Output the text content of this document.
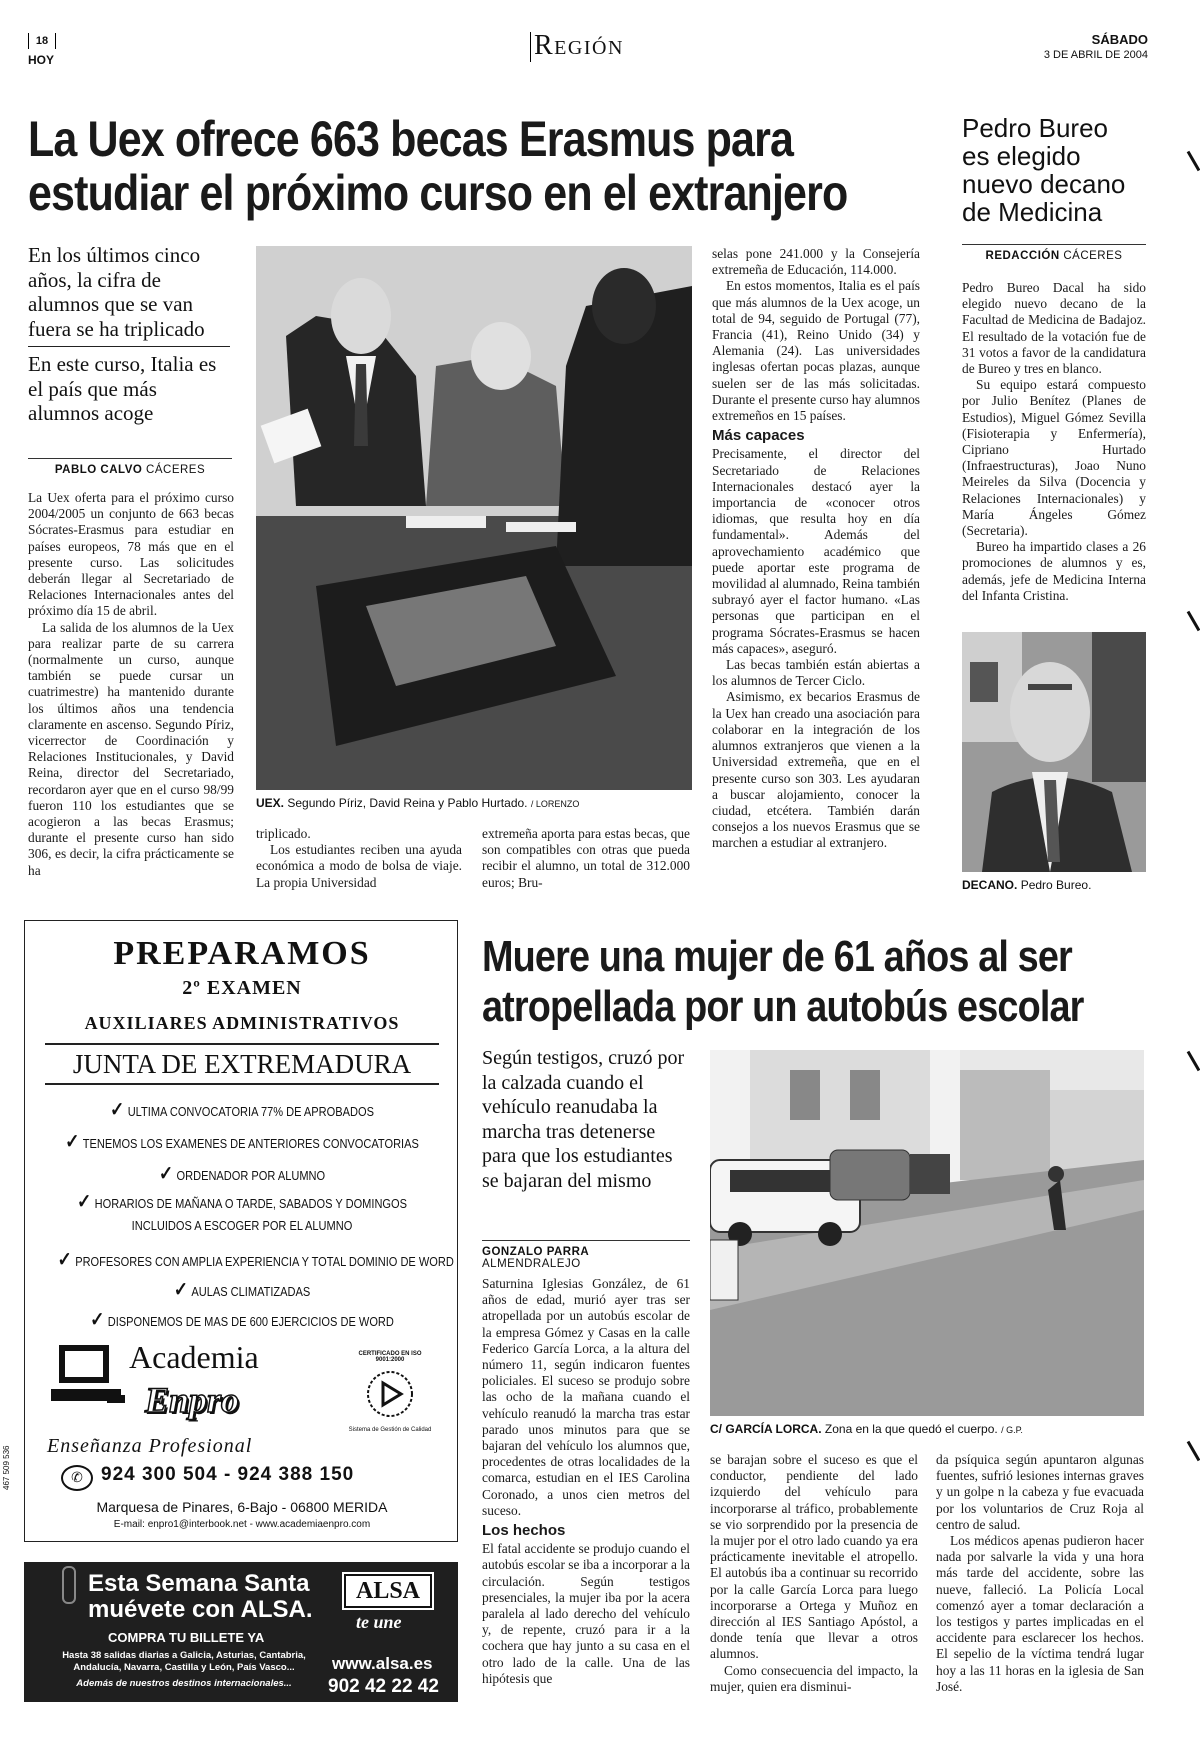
18
HOY	Región	SÁBADO
3 DE ABRIL DE 2004
La Uex ofrece 663 becas Erasmus para
estudiar el próximo curso en el extranjero
Pedro Bureo es elegido nuevo decano de Medicina
REDACCIÓN CÁCERES

Pedro Bureo Dacal ha sido elegido nuevo decano de la Facultad de Medicina de Badajoz. El resultado de la votación fue de 31 votos a favor de la candidatura de Bureo y tres en blanco.

Su equipo estará compuesto por Julio Benítez (Planes de Estudios), Miguel Gómez Sevilla (Fisioterapia y Enfermería), Cipriano Hurtado (Infraestructuras), Joao Nuno Meireles da Silva (Docencia y Relaciones Internacionales) y María Ángeles Gómez (Secretaria).

Bureo ha impartido clases a 26 promociones de alumnos y es, además, jefe de Medicina Interna del Infanta Cristina.

DECANO. Pedro Bureo.
En los últimos cinco años, la cifra de alumnos que se van fuera se ha triplicado
En este curso, Italia es el país que más alumnos acoge
PABLO CALVO CÁCERES

La Uex oferta para el próximo curso 2004/2005 un conjunto de 663 becas Sócrates-Erasmus para estudiar en países europeos, 78 más que en el presente curso. Las solicitudes deberán llegar al Secretariado de Relaciones Internacionales antes del próximo día 15 de abril.

La salida de los alumnos de la Uex para realizar parte de su carrera (normalmente un curso, aunque también se puede cursar un cuatrimestre) ha mantenido durante los últimos años una tendencia claramente en ascenso. Segundo Píriz, vicerrector de Coordinación y Relaciones Institucionales, y David Reina, director del Secretariado, recordaron ayer que en el curso 98/99 fueron 110 los estudiantes que se acogieron a las becas Erasmus; durante el presente curso han sido 306, es decir, la cifra prácticamente se ha

UEX. Segundo Píriz, David Reina y Pablo Hurtado. / LORENZO

triplicado.

Los estudiantes reciben una ayuda económica a modo de bolsa de viaje. La propia Universidad

extremeña aporta para estas becas, que son compatibles con otras que pueda recibir el alumno, un total de 312.000 euros; Bru-

selas pone 241.000 y la Consejería extremeña de Educación, 114.000.

En estos momentos, Italia es el país que más alumnos de la Uex acoge, un total de 94, seguido de Portugal (77), Francia (41), Reino Unido (34) y Alemania (24). Las universidades inglesas ofertan pocas plazas, aunque suelen ser de las más solicitadas. Durante el presente curso hay alumnos extremeños en 15 países.

Más capaces

Precisamente, el director del Secretariado de Relaciones Internacionales destacó ayer la importancia de «conocer otros idiomas, que resulta hoy en día fundamental». Además del aprovechamiento académico que puede aportar este programa de movilidad al alumnado, Reina también subrayó ayer el factor humano. «Las personas que participan en el programa Sócrates-Erasmus se hacen más capaces», aseguró.

Las becas también están abiertas a los alumnos de Tercer Ciclo.

Asimismo, ex becarios Erasmus de la Uex han creado una asociación para colaborar en la integración de los alumnos extranjeros que vienen a la Universidad extremeña, que en el presente curso son 303. Les ayudaran a buscar alojamiento, conocer la ciudad, etcétera. También darán consejos a los nuevos Erasmus que se marchen a estudiar al extranjero.

PREPARAMOS
2º EXAMEN
AUXILIARES ADMINISTRATIVOS
JUNTA DE EXTREMADURA
✓ ULTIMA CONVOCATORIA 77% DE APROBADOS
✓ TENEMOS LOS EXAMENES DE ANTERIORES CONVOCATORIAS
✓ ORDENADOR POR ALUMNO
✓ HORARIOS DE MAÑANA O TARDE, SABADOS Y DOMINGOS INCLUIDOS A ESCOGER POR EL ALUMNO
✓ PROFESORES CON AMPLIA EXPERIENCIA Y TOTAL DOMINIO DE WORD
✓ AULAS CLIMATIZADAS
✓ DISPONEMOS DE MAS DE 600 EJERCICIOS DE WORD
Academia
Enpro
CERTIFICADO EN ISO 9001:2000
Sistema de Gestión de Calidad
Enseñanza Profesional
✆ 924 300 504 - 924 388 150
Marquesa de Pinares, 6-Bajo - 06800 MERIDA
E-mail: enpro1@interbook.net - www.academiaenpro.com
467 509 536
Esta Semana Santa
muévete con ALSA.
COMPRA TU BILLETE YA
Hasta 38 salidas diarias a Galicia, Asturias, Cantabria, Andalucía, Navarra, Castilla y León, País Vasco...
Además de nuestros destinos internacionales...
ALSA
te une
www.alsa.es
902 42 22 42
Muere una mujer de 61 años al ser
atropellada por un autobús escolar
Según testigos, cruzó por la calzada cuando el vehículo reanudaba la marcha tras detenerse para que los estudiantes se bajaran del mismo
GONZALO PARRA ALMENDRALEJO

Saturnina Iglesias González, de 61 años de edad, murió ayer tras ser atropellada por un autobús escolar de la empresa Gómez y Casas en la calle Federico García Lorca, a la altura del número 11, según indicaron fuentes policiales. El suceso se produjo sobre las ocho de la mañana cuando el vehículo reanudó la marcha tras estar parado unos minutos para que se bajaran del vehículo los alumnos que, procedentes de otras localidades de la comarca, estudian en el IES Carolina Coronado, a unos cien metros del suceso.

Los hechos

El fatal accidente se produjo cuando el autobús escolar se iba a incorporar a la circulación. Según testigos presenciales, la mujer iba por la acera paralela al lado derecho del vehículo y, de repente, cruzó para ir a la cochera que hay junto a su casa en el otro lado de la calle. Una de las hipótesis que

C/ GARCÍA LORCA. Zona en la que quedó el cuerpo. / G.P.

se barajan sobre el suceso es que el conductor, pendiente del lado izquierdo del vehículo para incorporarse al tráfico, probablemente se vio sorprendido por la presencia de la mujer por el otro lado cuando ya era prácticamente inevitable el atropello. El autobús iba a continuar su recorrido por la calle García Lorca para luego incorporarse a Ortega y Muñoz en dirección al IES Santiago Apóstol, a donde tenía que llevar a otros alumnos.

Como consecuencia del impacto, la mujer, quien era disminui-

da psíquica según apuntaron algunas fuentes, sufrió lesiones internas graves y un golpe n la cabeza y fue evacuada por los voluntarios de Cruz Roja al centro de salud.

Los médicos apenas pudieron hacer nada por salvarle la vida y una hora más tarde del accidente, sobre las nueve, falleció. La Policía Local comenzó ayer a tomar declaración a los testigos y partes implicadas en el accidente para esclarecer los hechos. El sepelio de la víctima tendrá lugar hoy a las 11 horas en la iglesia de San José.
